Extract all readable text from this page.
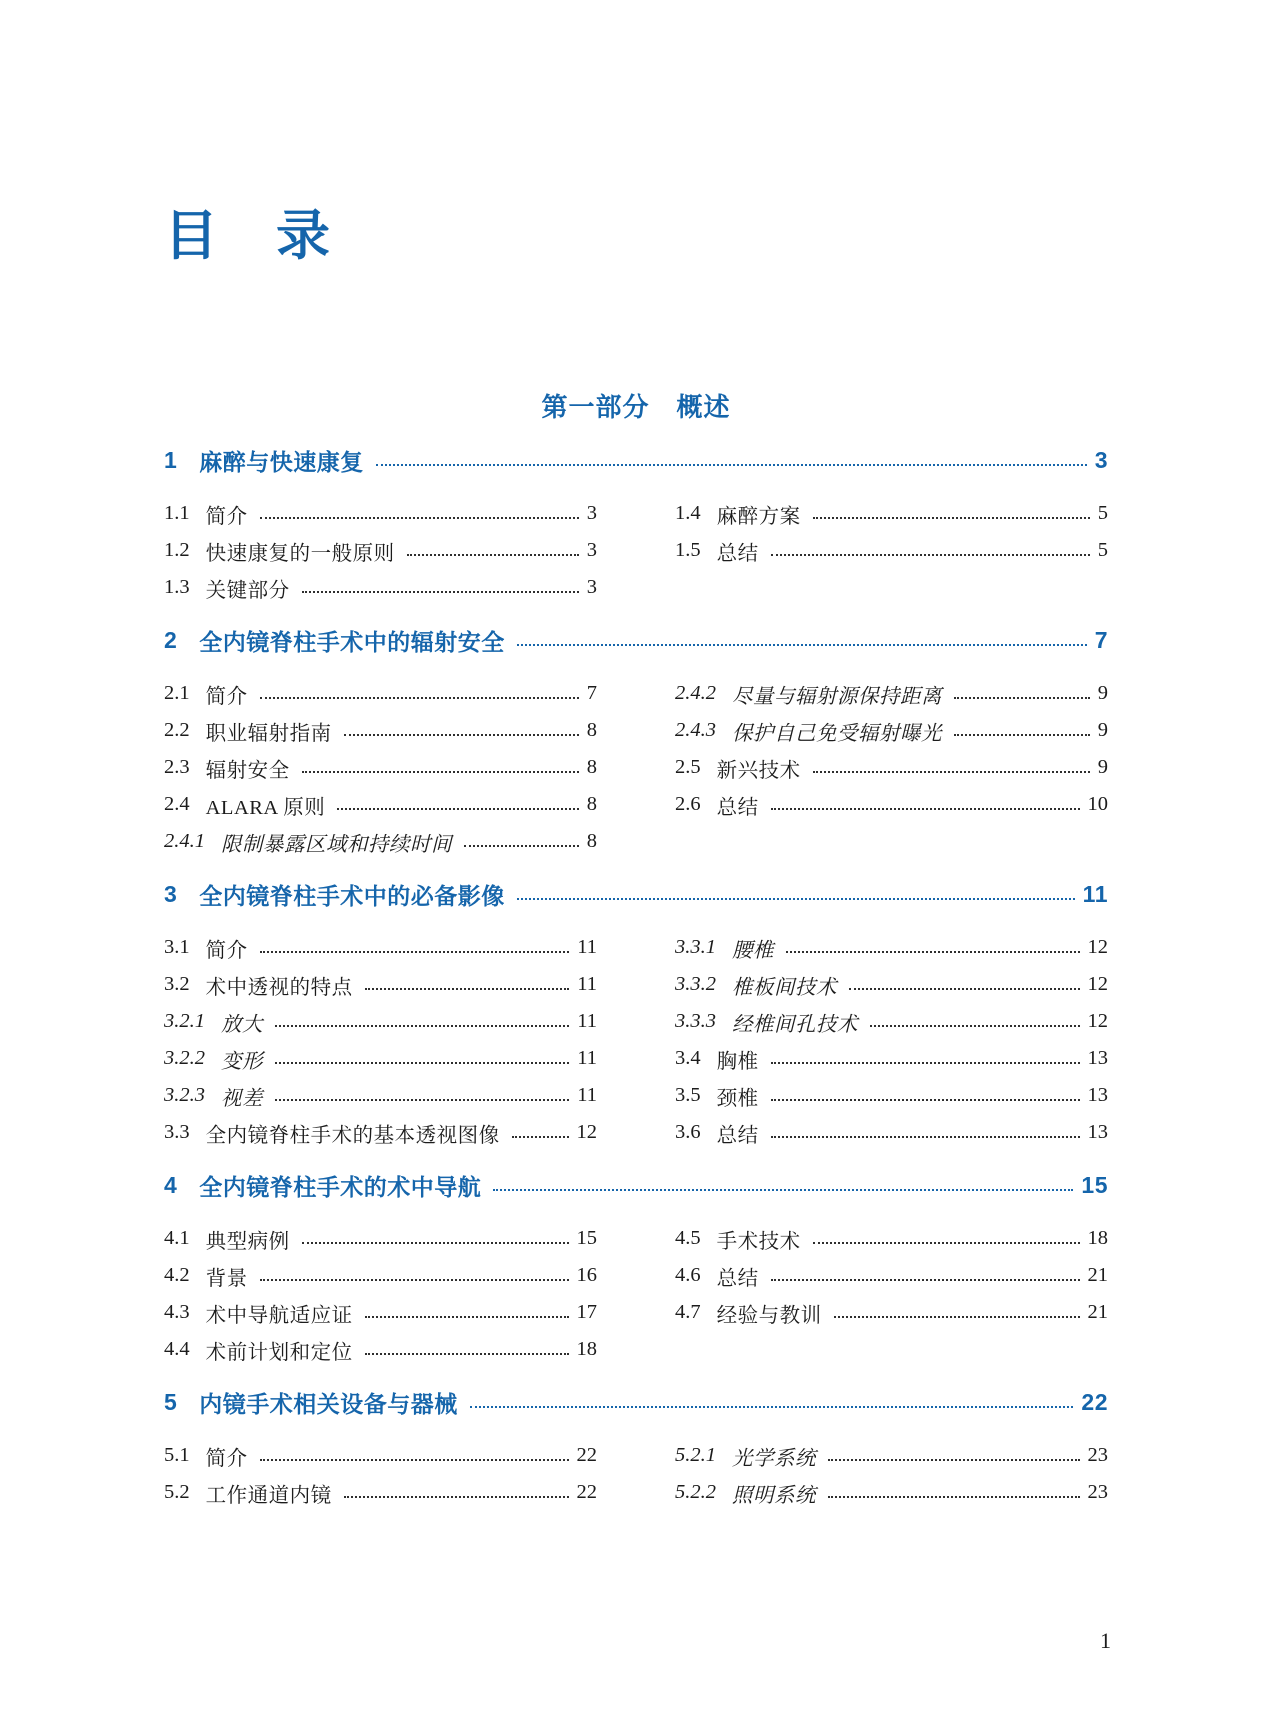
目　录
第一部分　概述
1 麻醉与快速康复	3
1.1 简介	3
1.2 快速康复的一般原则	3
1.3 关键部分	3
1.4 麻醉方案	5
1.5 总结	5
2 全内镜脊柱手术中的辐射安全	7
2.1 简介	7
2.2 职业辐射指南	8
2.3 辐射安全	8
2.4 ALARA 原则	8
2.4.1 限制暴露区域和持续时间	8
2.4.2 尽量与辐射源保持距离	9
2.4.3 保护自己免受辐射曝光	9
2.5 新兴技术	9
2.6 总结	10
3 全内镜脊柱手术中的必备影像	11
3.1 简介	11
3.2 术中透视的特点	11
3.2.1 放大	11
3.2.2 变形	11
3.2.3 视差	11
3.3 全内镜脊柱手术的基本透视图像	12
3.3.1 腰椎	12
3.3.2 椎板间技术	12
3.3.3 经椎间孔技术	12
3.4 胸椎	13
3.5 颈椎	13
3.6 总结	13
4 全内镜脊柱手术的术中导航	15
4.1 典型病例	15
4.2 背景	16
4.3 术中导航适应证	17
4.4 术前计划和定位	18
4.5 手术技术	18
4.6 总结	21
4.7 经验与教训	21
5 内镜手术相关设备与器械	22
5.1 简介	22
5.2 工作通道内镜	22
5.2.1 光学系统	23
5.2.2 照明系统	23
1
